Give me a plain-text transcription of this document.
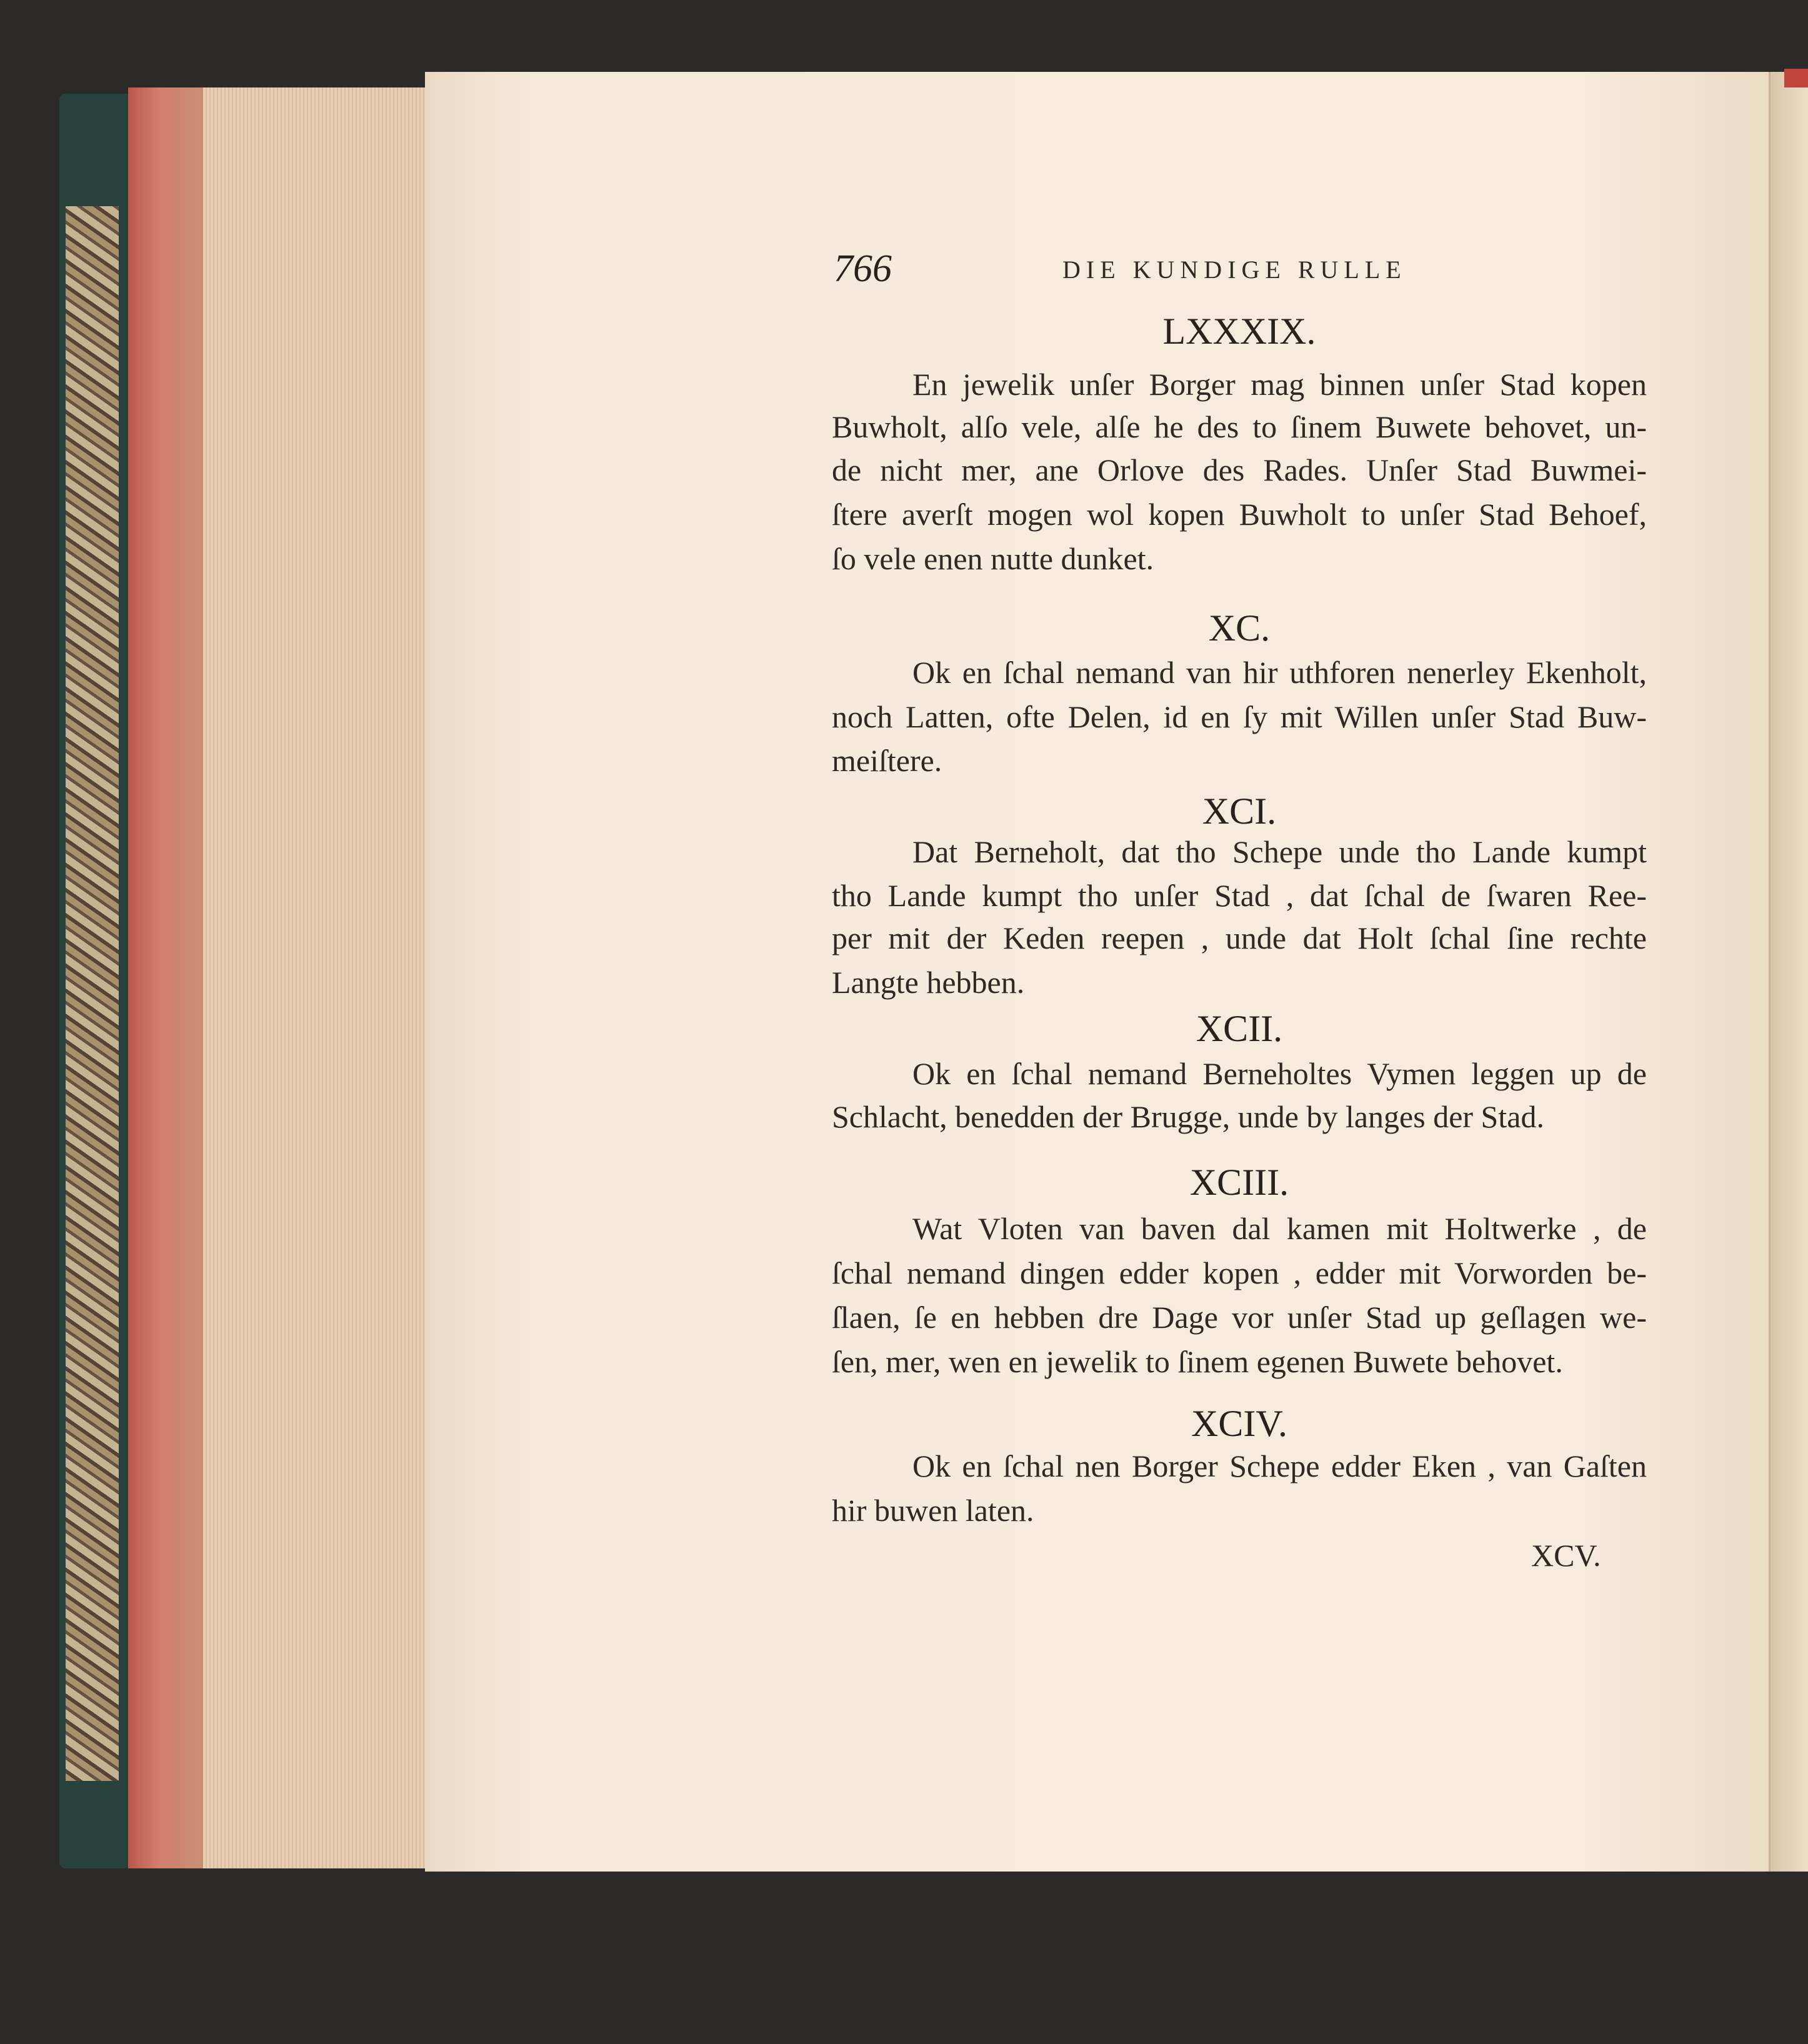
766	DIE KUNDIGE RULLE
LXXXIX.
En jewelik unſer Borger mag binnen unſer Stad kopen
Buwholt, alſo vele, alſe he des to ſinem Buwete behovet, un-
de nicht mer, ane Orlove des Rades. Unſer Stad Buwmei-
ſtere averſt mogen wol kopen Buwholt to unſer Stad Behoef,
ſo vele enen nutte dunket.
XC.
Ok en ſchal nemand van hir uthforen nenerley Ekenholt,
noch Latten, ofte Delen, id en ſy mit Willen unſer Stad Buw-
meiſtere.
XCI.
Dat Berneholt, dat tho Schepe unde tho Lande kumpt
tho Lande kumpt tho unſer Stad , dat ſchal de ſwaren Ree-
per mit der Keden reepen , unde dat Holt ſchal ſine rechte
Langte hebben.
XCII.
Ok en ſchal nemand Berneholtes Vymen leggen up de
Schlacht, benedden der Brugge, unde by langes der Stad.
XCIII.
Wat Vloten van baven dal kamen mit Holtwerke , de
ſchal nemand dingen edder kopen , edder mit Vorworden be-
ſlaen, ſe en hebben dre Dage vor unſer Stad up geſlagen we-
ſen, mer, wen en jewelik to ſinem egenen Buwete behovet.
XCIV.
Ok en ſchal nen Borger Schepe edder Eken , van Gaſten
hir buwen laten.
XCV.
